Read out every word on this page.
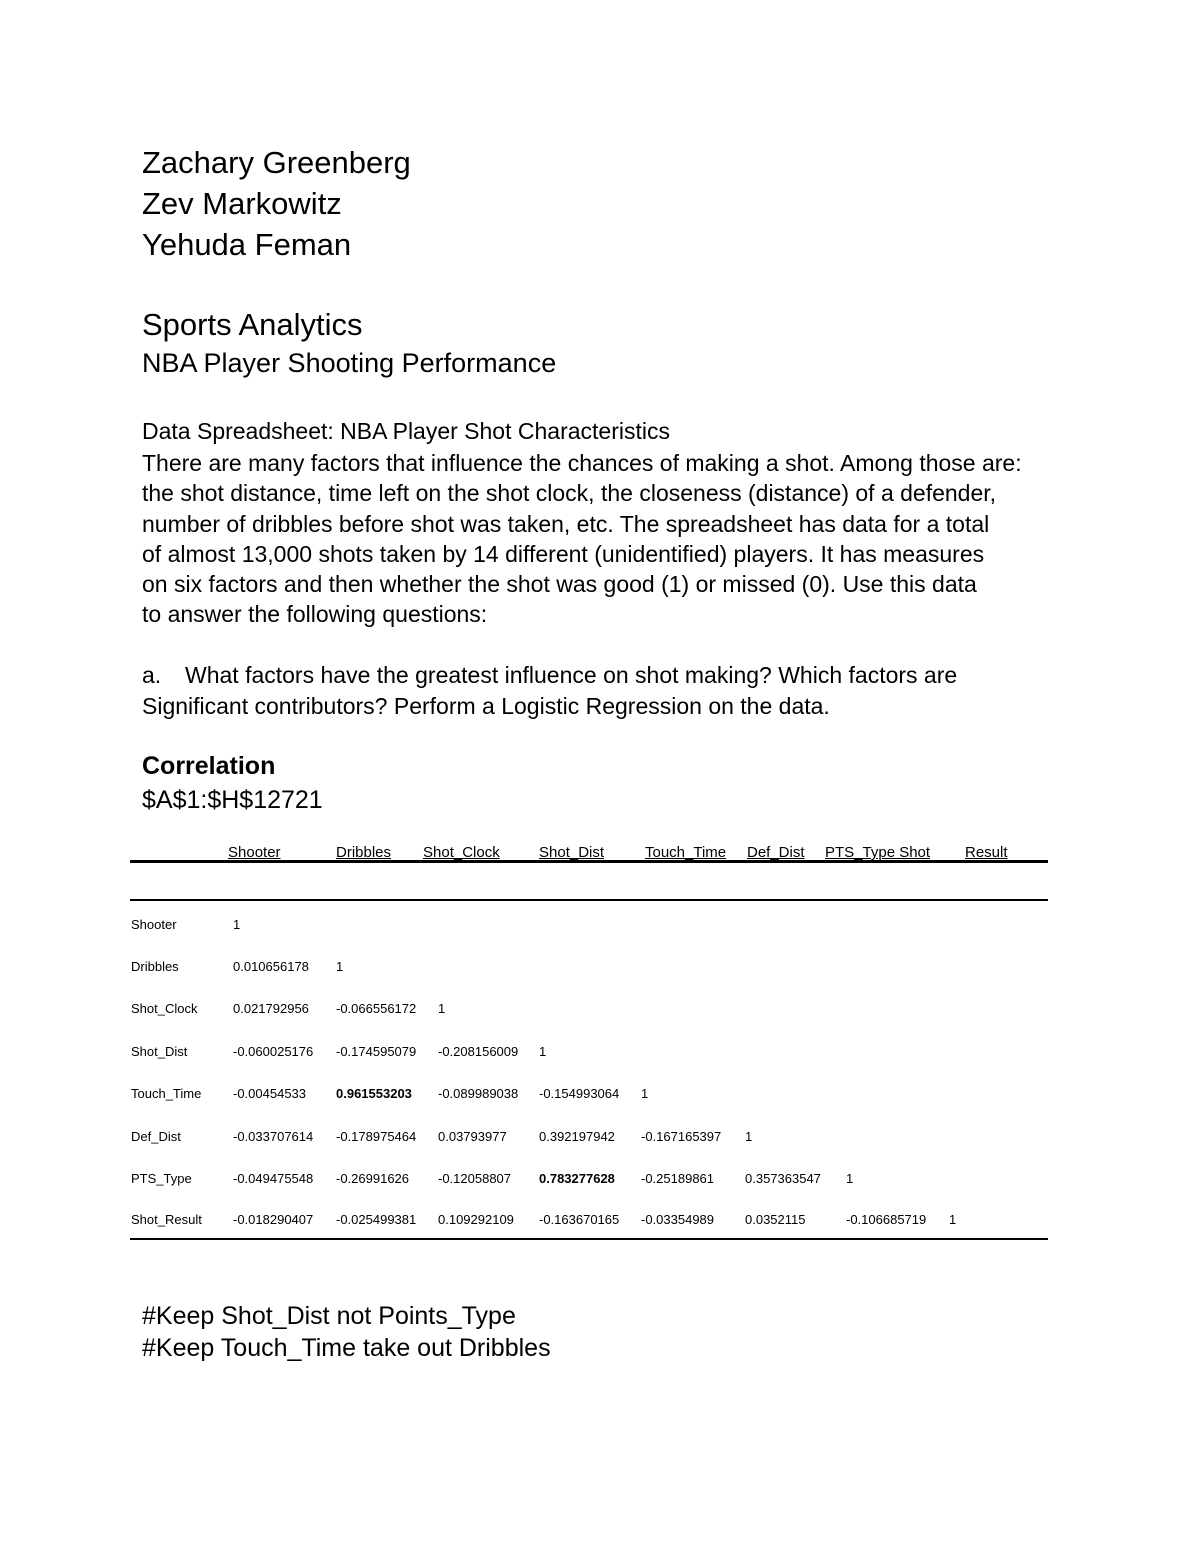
Zachary Greenberg
Zev Markowitz
Yehuda Feman
Sports Analytics
NBA Player Shooting Performance
Data Spreadsheet: NBA Player Shot Characteristics
There are many factors that influence the chances of making a shot. Among those are:
the shot distance, time left on the shot clock, the closeness (distance) of a defender,
number of dribbles before shot was taken, etc. The spreadsheet has data for a total
of almost 13,000 shots taken by 14 different (unidentified) players. It has measures
on six factors and then whether the shot was good (1) or missed (0). Use this data
to answer the following questions:
a. What factors have the greatest influence on shot making? Which factors are
Significant contributors? Perform a Logistic Regression on the data.
Correlation
$A$1:$H$12721
Shooter	Dribbles Shot_Clock	Shot_Dist	Touch_Time Def_Dist PTS_Type Shot Result
Shooter	1
Dribbles	0.010656178 1
Shot_Clock	0.021792956 -0.066556172 1
Shot_Dist	-0.060025176 -0.174595079 -0.208156009 1
Touch_Time -0.00454533 0.961553203 -0.089989038 -0.154993064 1
Def_Dist	-0.033707614 -0.178975464 0.03793977 0.392197942 -0.167165397 1
PTS_Type	-0.049475548 -0.26991626 -0.12058807 0.783277628 -0.25189861 0.357363547 1
Shot_Result -0.018290407 -0.025499381 0.109292109 -0.163670165 -0.03354989 0.0352115	-0.106685719 1
#Keep Shot_Dist not Points_Type
#Keep Touch_Time take out Dribbles
